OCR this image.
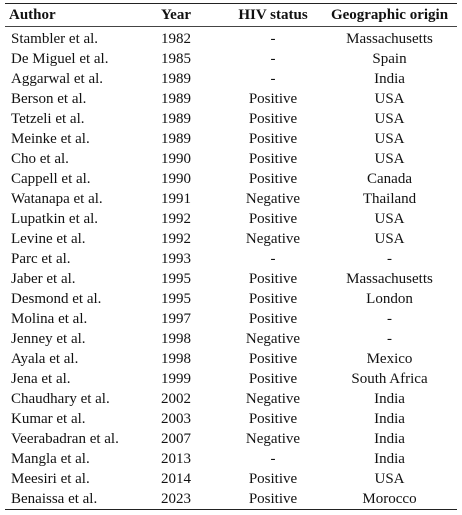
Author	Year	HIV status	Geographic origin
Stambler et al.	1982	-	Massachusetts
De Miguel et al.	1985	-	Spain
Aggarwal et al.	1989	-	India
Berson et al.	1989	Positive	USA
Tetzeli et al.	1989	Positive	USA
Meinke et al.	1989	Positive	USA
Cho et al.	1990	Positive	USA
Cappell et al.	1990	Positive	Canada
Watanapa et al.	1991	Negative	Thailand
Lupatkin et al.	1992	Positive	USA
Levine et al.	1992	Negative	USA
Parc et al.	1993	-	-
Jaber et al.	1995	Positive	Massachusetts
Desmond et al.	1995	Positive	London
Molina et al.	1997	Positive	-
Jenney et al.	1998	Negative	-
Ayala et al.	1998	Positive	Mexico
Jena et al.	1999	Positive	South Africa
Chaudhary et al.	2002	Negative	India
Kumar et al.	2003	Positive	India
Veerabadran et al.	2007	Negative	India
Mangla et al.	2013	-	India
Meesiri et al.	2014	Positive	USA
Benaissa et al.	2023	Positive	Morocco
